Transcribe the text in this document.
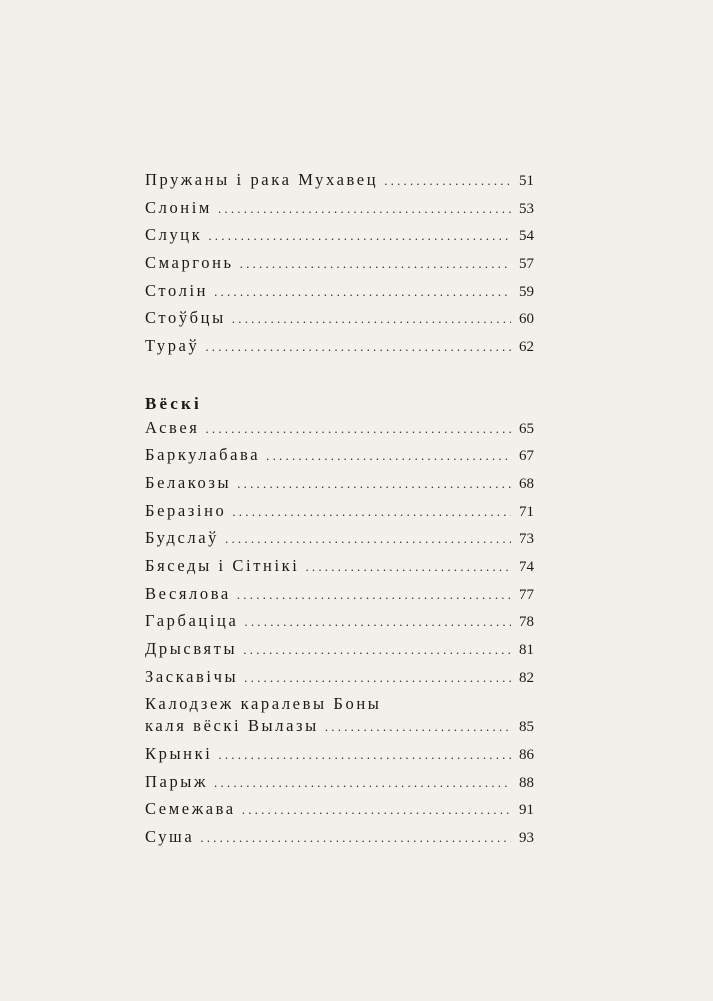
Пружаны і рака Мухавец .....	51
Слонім .....	53
Слуцк .....	54
Смаргонь .....	57
Столін .....	59
Стоўбцы .....	60
Тураў .....	62
Вёскі
Асвея .....	65
Баркулабава .....	67
Белакозы .....	68
Беразіно .....	71
Будслаў .....	73
Бяседы і Сітнікі .....	74
Весялова .....	77
Гарбаціца .....	78
Дрысвяты .....	81
Заскавічы .....	82
Калодзеж каралевы Боны
каля вёскі Вылазы .....	85
Крынкі .....	86
Парыж .....	88
Семежава .....	91
Суша .....	93
